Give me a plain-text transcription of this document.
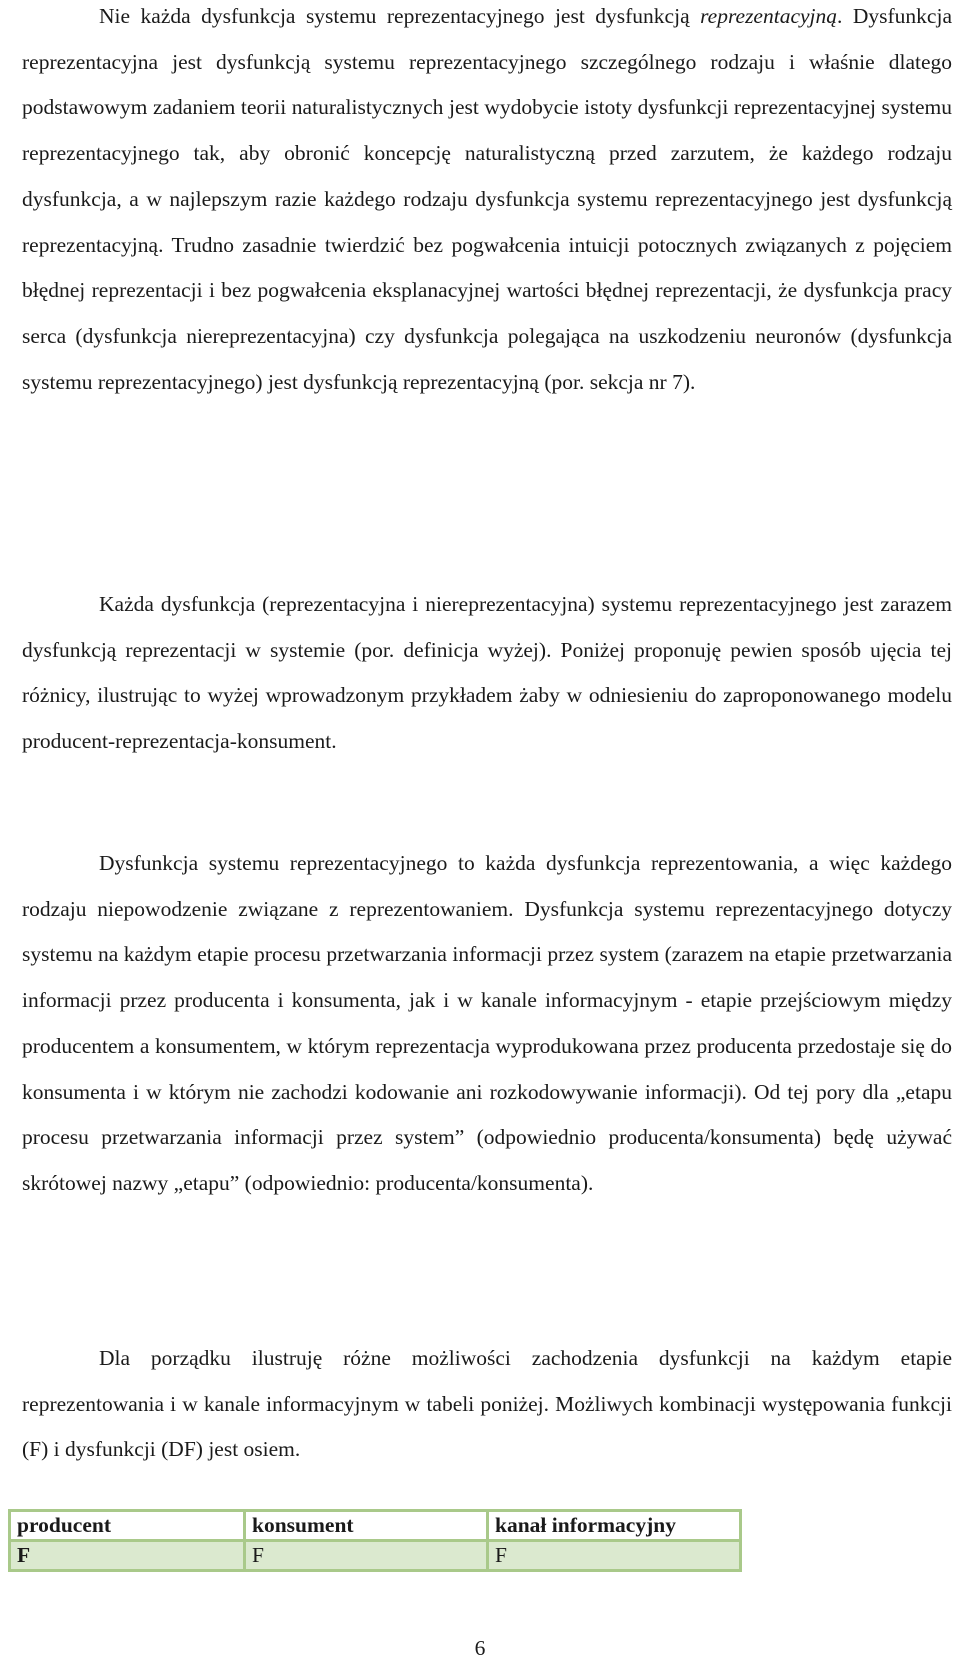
Nie każda dysfunkcja systemu reprezentacyjnego jest dysfunkcją reprezentacyjną. Dysfunkcja reprezentacyjna jest dysfunkcją systemu reprezentacyjnego szczególnego rodzaju i właśnie dlatego podstawowym zadaniem teorii naturalistycznych jest wydobycie istoty dysfunkcji reprezentacyjnej systemu reprezentacyjnego tak, aby obronić koncepcję naturalistyczną przed zarzutem, że każdego rodzaju dysfunkcja, a w najlepszym razie każdego rodzaju dysfunkcja systemu reprezentacyjnego jest dysfunkcją reprezentacyjną. Trudno zasadnie twierdzić bez pogwałcenia intuicji potocznych związanych z pojęciem błędnej reprezentacji i bez pogwałcenia eksplanacyjnej wartości błędnej reprezentacji, że dysfunkcja pracy serca (dysfunkcja niereprezentacyjna) czy dysfunkcja polegająca na uszkodzeniu neuronów (dysfunkcja systemu reprezentacyjnego) jest dysfunkcją reprezentacyjną (por. sekcja nr 7).

Każda dysfunkcja (reprezentacyjna i niereprezentacyjna) systemu reprezentacyjnego jest zarazem dysfunkcją reprezentacji w systemie (por. definicja wyżej). Poniżej proponuję pewien sposób ujęcia tej różnicy, ilustrując to wyżej wprowadzonym przykładem żaby w odniesieniu do zaproponowanego modelu producent-reprezentacja-konsument.

Dysfunkcja systemu reprezentacyjnego to każda dysfunkcja reprezentowania, a więc każdego rodzaju niepowodzenie związane z reprezentowaniem. Dysfunkcja systemu reprezentacyjnego dotyczy systemu na każdym etapie procesu przetwarzania informacji przez system (zarazem na etapie przetwarzania informacji przez producenta i konsumenta, jak i w kanale informacyjnym - etapie przejściowym między producentem a konsumentem, w którym reprezentacja wyprodukowana przez producenta przedostaje się do konsumenta i w którym nie zachodzi kodowanie ani rozkodowywanie informacji). Od tej pory dla „etapu procesu przetwarzania informacji przez system” (odpowiednio producenta/konsumenta) będę używać skrótowej nazwy „etapu” (odpowiednio: producenta/konsumenta).

Dla porządku ilustruję różne możliwości zachodzenia dysfunkcji na każdym etapie reprezentowania i w kanale informacyjnym w tabeli poniżej. Możliwych kombinacji występowania funkcji (F) i dysfunkcji (DF) jest osiem.

producent	konsument	kanał informacyjny
F	F	F
6
